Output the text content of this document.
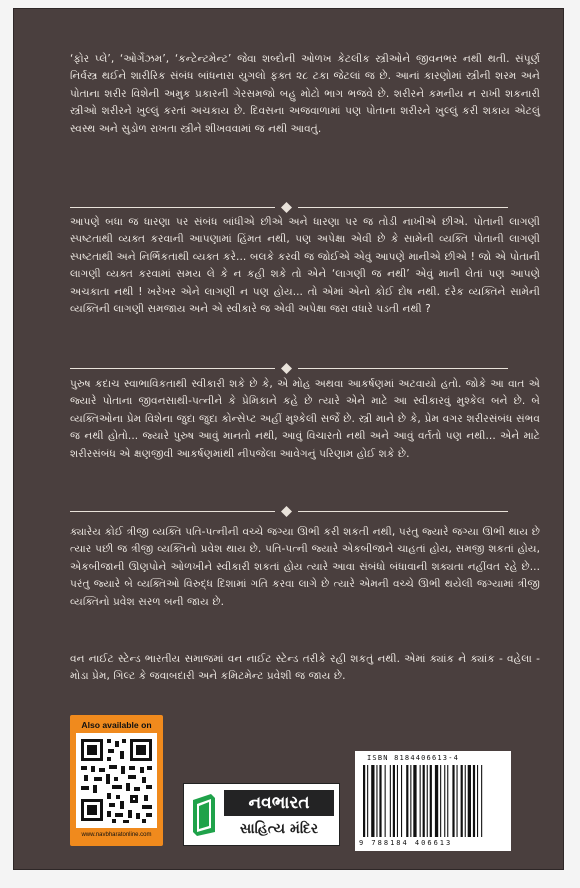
‘ફોર પ્લે’, ‘ઓર્ગેઝમ’, ‘કન્ટેન્ટમેન્ટ’ જેવા શબ્દોની ઓળખ કેટલીક સ્ત્રીઓને જીવનભર નથી થતી. સંપૂર્ણ નિર્વસ્ત્ર થઈને શારીરિક સંબંધ બાંધનારા યુગલો ફક્ત ૨૮ ટકા જેટલાં જ છે. આનાં કારણોમાં સ્ત્રીની શરમ અને પોતાના શરીર વિશેની અમુક પ્રકારની ગેરસમજો બહુ મોટો ભાગ ભજવે છે. શરીરને કમનીય ન રાખી શકનારી સ્ત્રીઓ શરીરને ખુલ્લું કરતાં અચકાય છે. દિવસના અજવાળામાં પણ પોતાના શરીરને ખુલ્લું કરી શકાય એટલું સ્વસ્થ અને સુડોળ રાખતા સ્ત્રીને શીખવવામાં જ નથી આવતું.
આપણે બધા જ ધારણા પર સંબંધ બાંધીએ છીએ અને ધારણા પર જ તોડી નાખીએ છીએ. પોતાની લાગણી સ્પષ્ટતાથી વ્યક્ત કરવાની આપણામાં હિંમત નથી, પણ અપેક્ષા એવી છે કે સામેની વ્યક્તિ પોતાની લાગણી સ્પષ્ટતાથી અને નિર્ભિકતાથી વ્યક્ત કરે... બલકે કરવી જ જોઈએ એવું આપણે માનીએ છીએ ! જો એ પોતાની લાગણી વ્યક્ત કરવામાં સમય લે કે ન કહી શકે તો એને ‘લાગણી જ નથી’ એવું માની લેતાં પણ આપણે અચકાતા નથી ! ખરેખર એને લાગણી ન પણ હોય... તો એમાં એનો કોઈ દોષ નથી. દરેક વ્યક્તિને સામેની વ્યક્તિની લાગણી સમજાય અને એ સ્વીકારે જ એવી અપેક્ષા જરા વધારે પડતી નથી ?
પુરુષ કદાચ સ્વાભાવિકતાથી સ્વીકારી શકે છે કે, એ મોહ અથવા આકર્ષણમાં અટવાયો હતો. જોકે આ વાત એ જ્યારે પોતાના જીવનસાથી-પત્નીને કે પ્રેમિકાને કહે છે ત્યારે એને માટે આ સ્વીકારવું મુશ્કેલ બને છે. બે વ્યક્તિઓના પ્રેમ વિશેના જુદા જુદા કોન્સેપ્ટ અહીં મુશ્કેલી સર્જે છે. સ્ત્રી માને છે કે, પ્રેમ વગર શરીરસંબંધ સંભવ જ નથી હોતો... જ્યારે પુરુષ આવું માનતો નથી, આવું વિચારતો નથી અને આવું વર્તતો પણ નથી... એને માટે શરીરસંબંધ એ ક્ષણજીવી આકર્ષણમાંથી નીપજેલા આવેગનું પરિણામ હોઈ શકે છે.
ક્યારેય કોઈ ત્રીજી વ્યક્તિ પતિ-પત્નીની વચ્ચે જગ્યા ઊભી કરી શકતી નથી, પરંતુ જ્યારે જગ્યા ઊભી થાય છે ત્યાર પછી જ ત્રીજી વ્યક્તિનો પ્રવેશ થાય છે. પતિ-પત્ની જ્યારે એકબીજાને ચાહતાં હોય, સમજી શકતાં હોય, એકબીજાની ઊણપોને ઓળખીને સ્વીકારી શકતાં હોય ત્યારે આવા સંબંધો બંધાવાની શક્યતા નહીંવત રહે છે... પરંતુ જ્યારે બે વ્યક્તિઓ વિરુદ્ધ દિશામાં ગતિ કરવા લાગે છે ત્યારે એમની વચ્ચે ઊભી થયેલી જગ્યામાં ત્રીજી વ્યક્તિનો પ્રવેશ સરળ બની જાય છે.
વન નાઈટ સ્ટેન્ડ ભારતીય સમાજમાં વન નાઈટ સ્ટેન્ડ તરીકે રહી શકતું નથી. એમાં ક્યાંક ને ક્યાંક - વહેલા - મોડા પ્રેમ, ગિલ્ટ કે જવાબદારી અને કમિટમેન્ટ પ્રવેશી જ જાય છે.
Also available on
www.navbharatonline.com
નવભારત
સાહિત્ય મંદિર
ISBN 8184406613-4
9 788184 406613
